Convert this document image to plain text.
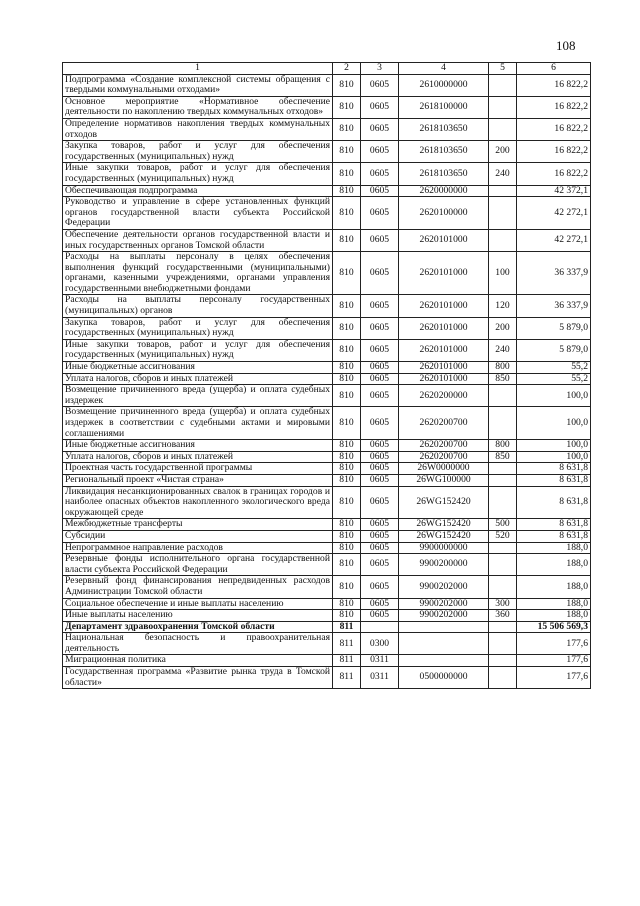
108
1	2	3	4	5	6
Подпрограмма «Создание комплексной системы обращения с твердыми коммунальными отходами»	810	0605	2610000000		16 822,2
Основное мероприятие «Нормативное обеспечение деятельности по накоплению твердых коммунальных отходов»	810	0605	2618100000		16 822,2
Определение нормативов накопления твердых коммунальных отходов	810	0605	2618103650		16 822,2
Закупка товаров, работ и услуг для обеспечения государственных (муниципальных) нужд	810	0605	2618103650	200	16 822,2
Иные закупки товаров, работ и услуг для обеспечения государственных (муниципальных) нужд	810	0605	2618103650	240	16 822,2
Обеспечивающая подпрограмма	810	0605	2620000000		42 372,1
Руководство и управление в сфере установленных функций органов государственной власти субъекта Российской Федерации	810	0605	2620100000		42 272,1
Обеспечение деятельности органов государственной власти и иных государственных органов Томской области	810	0605	2620101000		42 272,1
Расходы на выплаты персоналу в целях обеспечения выполнения функций государственными (муниципальными) органами, казенными учреждениями, органами управления государственными внебюджетными фондами	810	0605	2620101000	100	36 337,9
Расходы на выплаты персоналу государственных (муниципальных) органов	810	0605	2620101000	120	36 337,9
Закупка товаров, работ и услуг для обеспечения государственных (муниципальных) нужд	810	0605	2620101000	200	5 879,0
Иные закупки товаров, работ и услуг для обеспечения государственных (муниципальных) нужд	810	0605	2620101000	240	5 879,0
Иные бюджетные ассигнования	810	0605	2620101000	800	55,2
Уплата налогов, сборов и иных платежей	810	0605	2620101000	850	55,2
Возмещение причиненного вреда (ущерба) и оплата судебных издержек	810	0605	2620200000		100,0
Возмещение причиненного вреда (ущерба) и оплата судебных издержек в соответствии с судебными актами и мировыми соглашениями	810	0605	2620200700		100,0
Иные бюджетные ассигнования	810	0605	2620200700	800	100,0
Уплата налогов, сборов и иных платежей	810	0605	2620200700	850	100,0
Проектная часть государственной программы	810	0605	26W0000000		8 631,8
Региональный проект «Чистая страна»	810	0605	26WG100000		8 631,8
Ликвидация несанкционированных свалок в границах городов и наиболее опасных объектов накопленного экологического вреда окружающей среде	810	0605	26WG152420		8 631,8
Межбюджетные трансферты	810	0605	26WG152420	500	8 631,8
Субсидии	810	0605	26WG152420	520	8 631,8
Непрограммное направление расходов	810	0605	9900000000		188,0
Резервные фонды исполнительного органа государственной власти субъекта Российской Федерации	810	0605	9900200000		188,0
Резервный фонд финансирования непредвиденных расходов Администрации Томской области	810	0605	9900202000		188,0
Социальное обеспечение и иные выплаты населению	810	0605	9900202000	300	188,0
Иные выплаты населению	810	0605	9900202000	360	188,0
Департамент здравоохранения Томской области	811				15 506 569,3
Национальная безопасность и правоохранительная деятельность	811	0300			177,6
Миграционная политика	811	0311			177,6
Государственная программа «Развитие рынка труда в Томской области»	811	0311	0500000000		177,6
